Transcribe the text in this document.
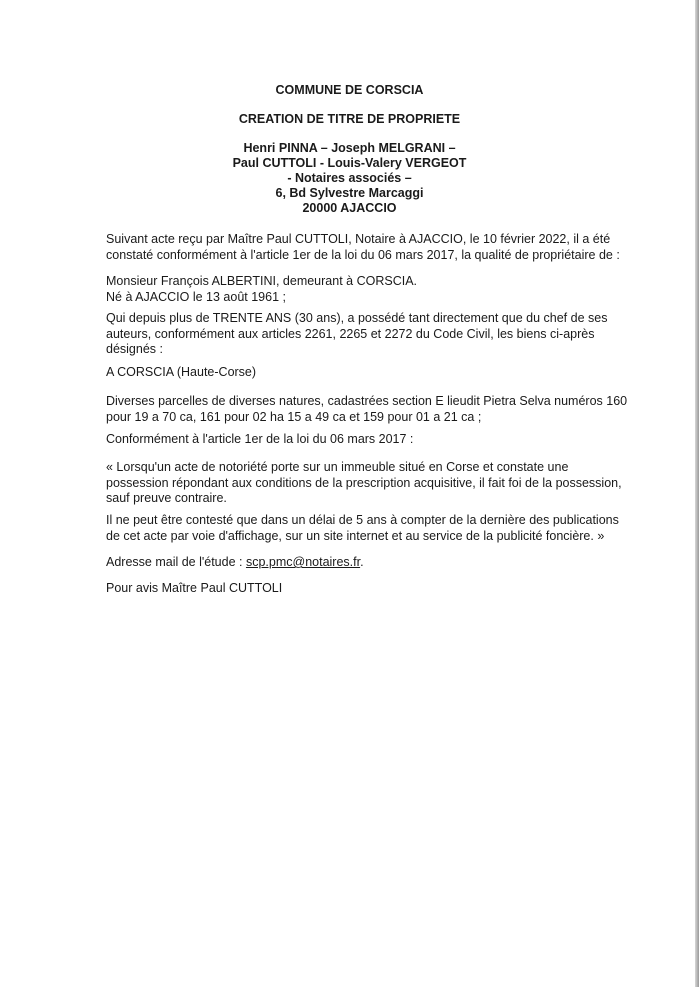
COMMUNE DE CORSCIA
CREATION DE TITRE DE PROPRIETE
Henri PINNA – Joseph MELGRANI –
Paul CUTTOLI - Louis-Valery VERGEOT
- Notaires associés –
6, Bd Sylvestre Marcaggi
20000 AJACCIO
Suivant acte reçu par Maître Paul CUTTOLI, Notaire à AJACCIO, le 10 février 2022, il a été
constaté conformément à l'article 1er de la loi du 06 mars 2017, la qualité de propriétaire de :
Monsieur François ALBERTINI, demeurant à CORSCIA.
Né à AJACCIO le 13 août 1961 ;
Qui depuis plus de TRENTE ANS (30 ans), a possédé tant directement que du chef de ses
auteurs, conformément aux articles 2261, 2265 et 2272 du Code Civil, les biens ci-après
désignés :
A CORSCIA (Haute-Corse)
Diverses parcelles de diverses natures, cadastrées section E lieudit Pietra Selva numéros 160
pour 19 a 70 ca, 161 pour 02 ha 15 a 49 ca et 159 pour 01 a 21 ca ;
Conformément à l'article 1er de la loi du 06 mars 2017 :
« Lorsqu'un acte de notoriété porte sur un immeuble situé en Corse et constate une
possession répondant aux conditions de la prescription acquisitive, il fait foi de la possession,
sauf preuve contraire.
Il ne peut être contesté que dans un délai de 5 ans à compter de la dernière des publications
de cet acte par voie d'affichage, sur un site internet et au service de la publicité foncière. »
Adresse mail de l'étude : scp.pmc@notaires.fr.
Pour avis Maître Paul CUTTOLI
